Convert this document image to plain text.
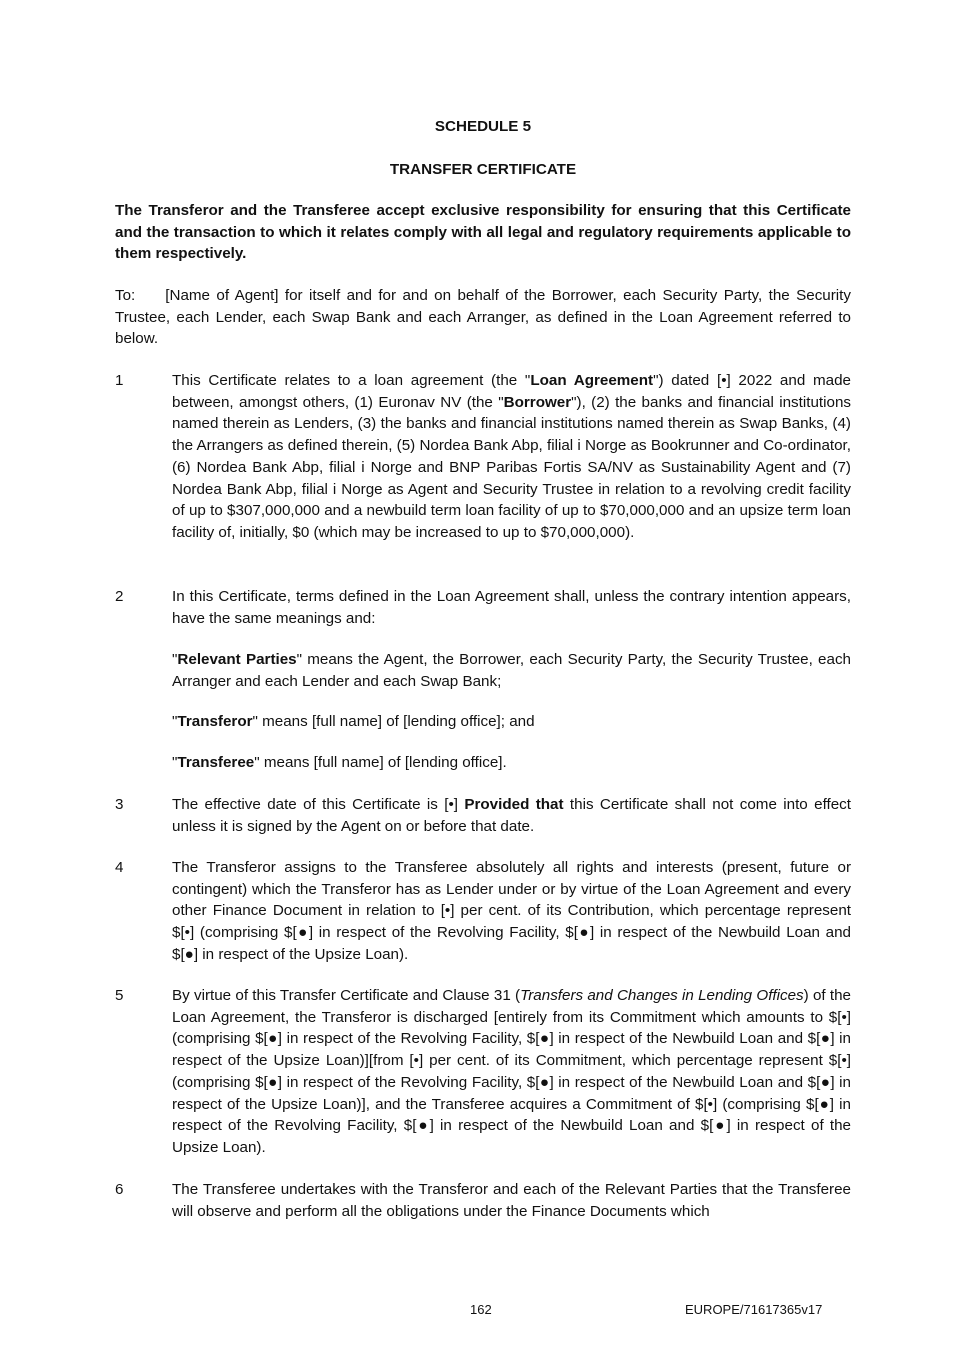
SCHEDULE 5
TRANSFER CERTIFICATE

The Transferor and the Transferee accept exclusive responsibility for ensuring that this Certificate and the transaction to which it relates comply with all legal and regulatory requirements applicable to them respectively.

To: [Name of Agent] for itself and for and on behalf of the Borrower, each Security Party, the Security Trustee, each Lender, each Swap Bank and each Arranger, as defined in the Loan Agreement referred to below.

1	This Certificate relates to a loan agreement (the "Loan Agreement") dated [•] 2022 and made between, amongst others, (1) Euronav NV (the "Borrower"), (2) the banks and financial institutions named therein as Lenders, (3) the banks and financial institutions named therein as Swap Banks, (4) the Arrangers as defined therein, (5) Nordea Bank Abp, filial i Norge as Bookrunner and Co-ordinator, (6) Nordea Bank Abp, filial i Norge and BNP Paribas Fortis SA/NV as Sustainability Agent and (7) Nordea Bank Abp, filial i Norge as Agent and Security Trustee in relation to a revolving credit facility of up to $307,000,000 and a newbuild term loan facility of up to $70,000,000 and an upsize term loan facility of, initially, $0 (which may be increased to up to $70,000,000).

2	In this Certificate, terms defined in the Loan Agreement shall, unless the contrary intention appears, have the same meanings and:

"Relevant Parties" means the Agent, the Borrower, each Security Party, the Security Trustee, each Arranger and each Lender and each Swap Bank;

"Transferor" means [full name] of [lending office]; and

"Transferee" means [full name] of [lending office].

3	The effective date of this Certificate is [•] Provided that this Certificate shall not come into effect unless it is signed by the Agent on or before that date.

4	The Transferor assigns to the Transferee absolutely all rights and interests (present, future or contingent) which the Transferor has as Lender under or by virtue of the Loan Agreement and every other Finance Document in relation to [•] per cent. of its Contribution, which percentage represent $[•] (comprising $[●] in respect of the Revolving Facility, $[●] in respect of the Newbuild Loan and $[●] in respect of the Upsize Loan).

5	By virtue of this Transfer Certificate and Clause 31 (Transfers and Changes in Lending Offices) of the Loan Agreement, the Transferor is discharged [entirely from its Commitment which amounts to $[•] (comprising $[●] in respect of the Revolving Facility, $[●] in respect of the Newbuild Loan and $[●] in respect of the Upsize Loan)][from [•] per cent. of its Commitment, which percentage represent $[•] (comprising $[●] in respect of the Revolving Facility, $[●] in respect of the Newbuild Loan and $[●] in respect of the Upsize Loan)], and the Transferee acquires a Commitment of $[•] (comprising $[●] in respect of the Revolving Facility, $[●] in respect of the Newbuild Loan and $[●] in respect of the Upsize Loan).

6	The Transferee undertakes with the Transferor and each of the Relevant Parties that the Transferee will observe and perform all the obligations under the Finance Documents which

162	EUROPE/71617365v17
